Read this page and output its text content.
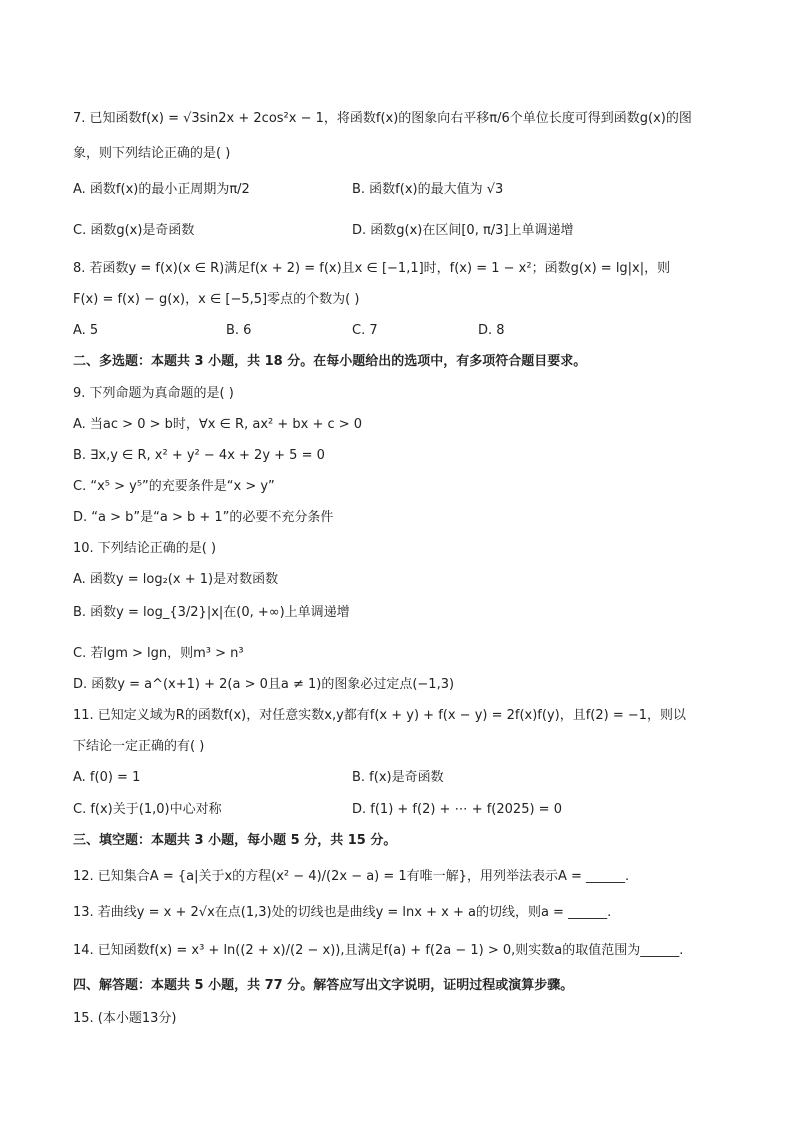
7. 已知函数f(x) = √3sin2x + 2cos²x − 1，将函数f(x)的图象向右平移π/6个单位长度可得到函数g(x)的图
象，则下列结论正确的是( )
A. 函数f(x)的最小正周期为π/2	B. 函数f(x)的最大值为 √3
C. 函数g(x)是奇函数	D. 函数g(x)在区间[0, π/3]上单调递增
8. 若函数y = f(x)(x ∈ R)满足f(x + 2) = f(x)且x ∈ [−1,1]时，f(x) = 1 − x²；函数g(x) = lg|x|，则
F(x) = f(x) − g(x)，x ∈ [−5,5]零点的个数为( )
A. 5	B. 6	C. 7	D. 8
二、多选题：本题共 3 小题，共 18 分。在每小题给出的选项中，有多项符合题目要求。
9. 下列命题为真命题的是( )
A. 当ac > 0 > b时，∀x ∈ R, ax² + bx + c > 0
B. ∃x,y ∈ R, x² + y² − 4x + 2y + 5 = 0
C. “x⁵ > y⁵”的充要条件是“x > y”
D. “a > b”是“a > b + 1”的必要不充分条件
10. 下列结论正确的是( )
A. 函数y = log₂(x + 1)是对数函数
B. 函数y = log_{3/2}|x|在(0, +∞)上单调递增
C. 若lgm > lgn，则m³ > n³
D. 函数y = a^(x+1) + 2(a > 0且a ≠ 1)的图象必过定点(−1,3)
11. 已知定义域为R的函数f(x)，对任意实数x,y都有f(x + y) + f(x − y) = 2f(x)f(y)，且f(2) = −1，则以
下结论一定正确的有( )
A. f(0) = 1	B. f(x)是奇函数
C. f(x)关于(1,0)中心对称	D. f(1) + f(2) + ⋯ + f(2025) = 0
三、填空题：本题共 3 小题，每小题 5 分，共 15 分。
12. 已知集合A = {a|关于x的方程(x² − 4)/(2x − a) = 1有唯一解}，用列举法表示A = ______.
13. 若曲线y = x + 2√x在点(1,3)处的切线也是曲线y = lnx + x + a的切线，则a = ______.
14. 已知函数f(x) = x³ + ln((2 + x)/(2 − x)),且满足f(a) + f(2a − 1) > 0,则实数a的取值范围为______.
四、解答题：本题共 5 小题，共 77 分。解答应写出文字说明，证明过程或演算步骤。
15. (本小题13分)
